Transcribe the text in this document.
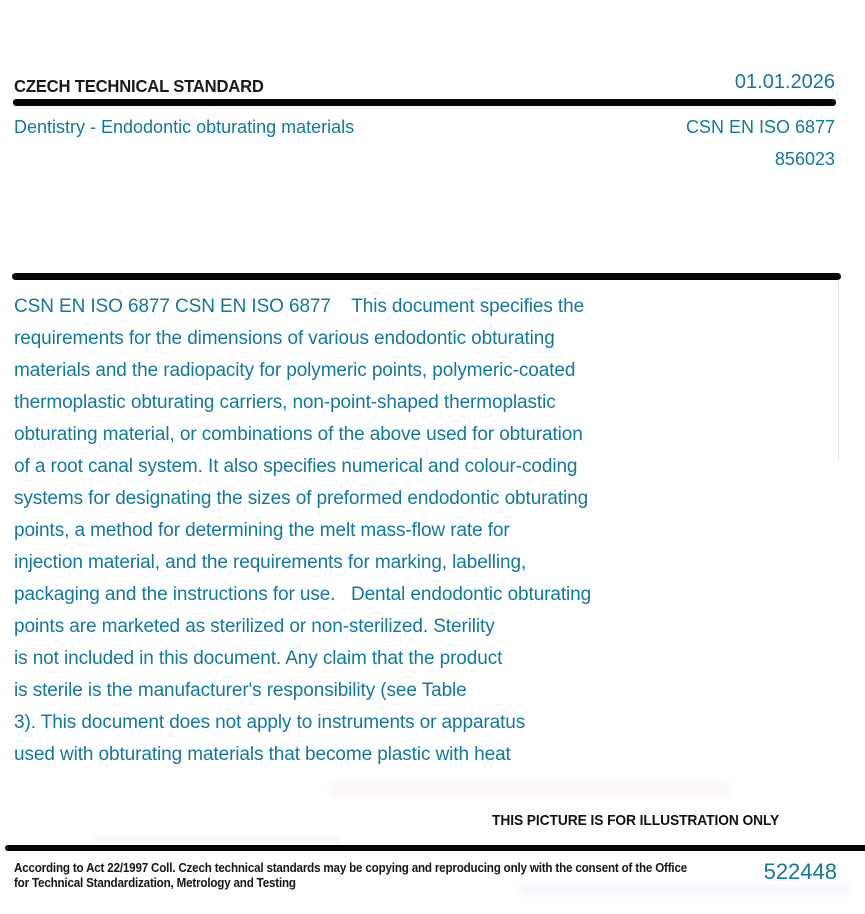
CZECH TECHNICAL STANDARD	01.01.2026
Dentistry - Endodontic obturating materials	CSN EN ISO 6877
856023
CSN EN ISO 6877 CSN EN ISO 6877    This document specifies the
requirements for the dimensions of various endodontic obturating
materials and the radiopacity for polymeric points, polymeric-coated
thermoplastic obturating carriers, non-point-shaped thermoplastic
obturating material, or combinations of the above used for obturation
of a root canal system. It also specifies numerical and colour-coding
systems for designating the sizes of preformed endodontic obturating
points, a method for determining the melt mass-flow rate for
injection material, and the requirements for marking, labelling,
packaging and the instructions for use.   Dental endodontic obturating
points are marketed as sterilized or non-sterilized. Sterility
is not included in this document. Any claim that the product
is sterile is the manufacturer's responsibility (see Table
3). This document does not apply to instruments or apparatus
used with obturating materials that become plastic with heat
THIS PICTURE IS FOR ILLUSTRATION ONLY
According to Act 22/1997 Coll. Czech technical standards may be copying and reproducing only with the consent of the Office
for Technical Standardization, Metrology and Testing	522448
